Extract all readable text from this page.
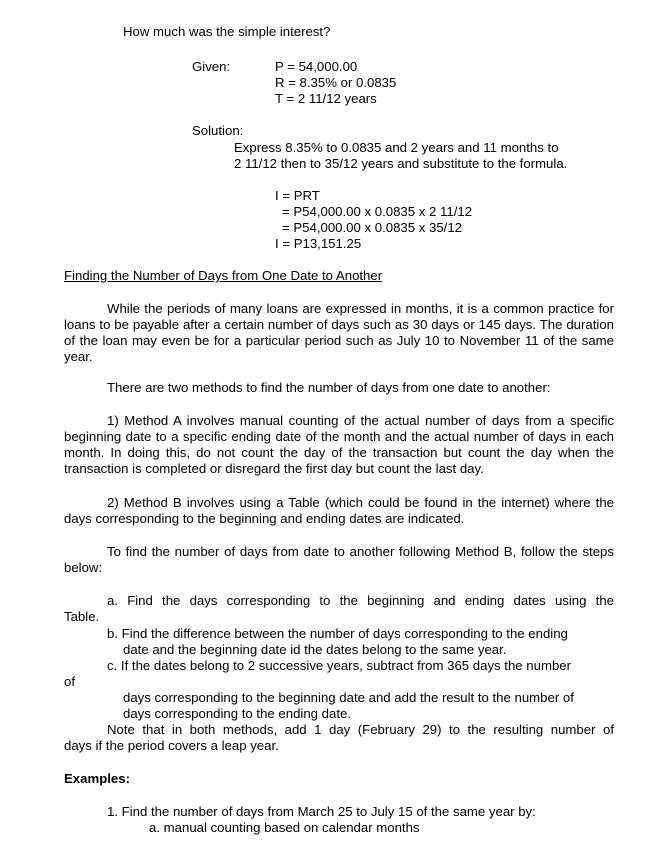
How much was the simple interest?
Given:	P = 54,000.00
R = 8.35% or 0.0835
T = 2 11/12 years
Solution:
Express 8.35% to 0.0835 and 2 years and 11 months to
2 11/12 then to 35/12 years and substitute to the formula.
I = PRT
= P54,000.00 x 0.0835 x 2 11/12
= P54,000.00 x 0.0835 x 35/12
I = P13,151.25
Finding the Number of Days from One Date to Another
While the periods of many loans are expressed in months, it is a common practice for loans to be payable after a certain number of days such as 30 days or 145 days. The duration of the loan may even be for a particular period such as July 10 to November 11 of the same year.
There are two methods to find the number of days from one date to another:
1) Method A involves manual counting of the actual number of days from a specific beginning date to a specific ending date of the month and the actual number of days in each month. In doing this, do not count the day of the transaction but count the day when the transaction is completed or disregard the first day but count the last day.
2) Method B involves using a Table (which could be found in the internet) where the days corresponding to the beginning and ending dates are indicated.
To find the number of days from date to another following Method B, follow the steps below:
a. Find the days corresponding to the beginning and ending dates using the
Table.
b. Find the difference between the number of days corresponding to the ending
date and the beginning date id the dates belong to the same year.
c. If the dates belong to 2 successive years, subtract from 365 days the number
of
days corresponding to the beginning date and add the result to the number of
days corresponding to the ending date.
Note that in both methods, add 1 day (February 29) to the resulting number of
days if the period covers a leap year.
Examples:
1. Find the number of days from March 25 to July 15 of the same year by:
a. manual counting based on calendar months
